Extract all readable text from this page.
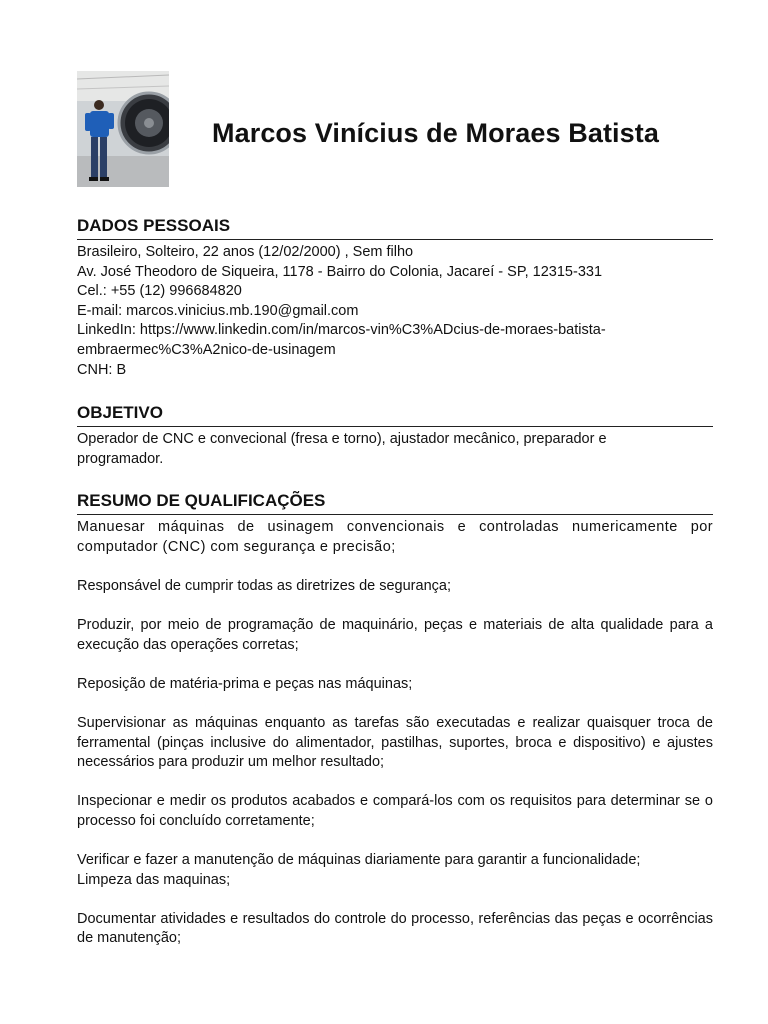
Marcos Vinícius de Moraes Batista
DADOS PESSOAIS
Brasileiro, Solteiro, 22 anos (12/02/2000) , Sem filho
Av. José Theodoro de Siqueira, 1178 - Bairro do Colonia, Jacareí - SP, 12315-331
Cel.: +55 (12) 996684820
E-mail: marcos.vinicius.mb.190@gmail.com
LinkedIn: https://www.linkedin.com/in/marcos-vin%C3%ADcius-de-moraes-batista-
embraermec%C3%A2nico-de-usinagem
CNH: B
OBJETIVO
Operador de CNC e convecional (fresa e torno), ajustador mecânico, preparador e
programador.
RESUMO DE QUALIFICAÇÕES

Manuesar máquinas de usinagem convencionais e controladas numericamente por computador (CNC) com segurança e precisão;

Responsável de cumprir todas as diretrizes de segurança;

Produzir, por meio de programação de maquinário, peças e materiais de alta qualidade para a execução das operações corretas;

Reposição de matéria-prima e peças nas máquinas;

Supervisionar as máquinas enquanto as tarefas são executadas e realizar quaisquer troca de ferramental (pinças inclusive do alimentador, pastilhas, suportes, broca e dispositivo) e ajustes necessários para produzir um melhor resultado;

Inspecionar e medir os produtos acabados e compará-los com os requisitos para determinar se o processo foi concluído corretamente;

Verificar e fazer a manutenção de máquinas diariamente para garantir a funcionalidade;
Limpeza das maquinas;

Documentar atividades e resultados do controle do processo, referências das peças e ocorrências de manutenção;
